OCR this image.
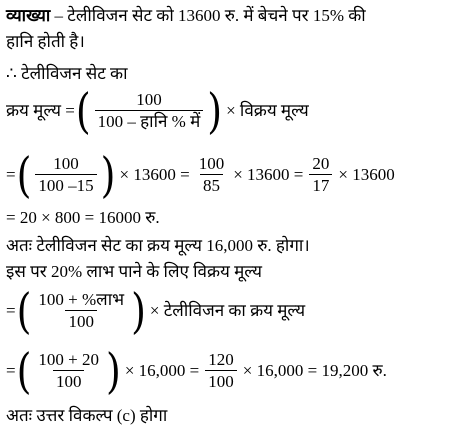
व्याख्या – टेलीविजन सेट को 13600 रु. में बेचने पर 15% की
हानि होती है।
∴ टेलीविजन सेट का
क्रय मूल्य = ( $\frac{100}{\text{100 – हानि \% में}}$ ) × विक्रय मूल्य
= ( $\frac{100}{100 -15}$ ) × $13600 = \frac{100}{85} \times 13600 = \frac{20}{17} \times 13600$
= 20 × 800 = 16000 रु.
अतः टेलीविजन सेट का क्रय मूल्य 16,000 रु. होगा।
इस पर 20% लाभ पाने के लिए विक्रय मूल्य
= ( $\frac{\text{100 + \%लाभ}}{100}$ ) × टेलीविजन का क्रय मूल्य
= ( $\frac{100 + 20}{100}$ ) × $16,000 = \frac{120}{100} \times 16,000 = 19,200$ रु.
अतः उत्तर विकल्प (c) होगा
